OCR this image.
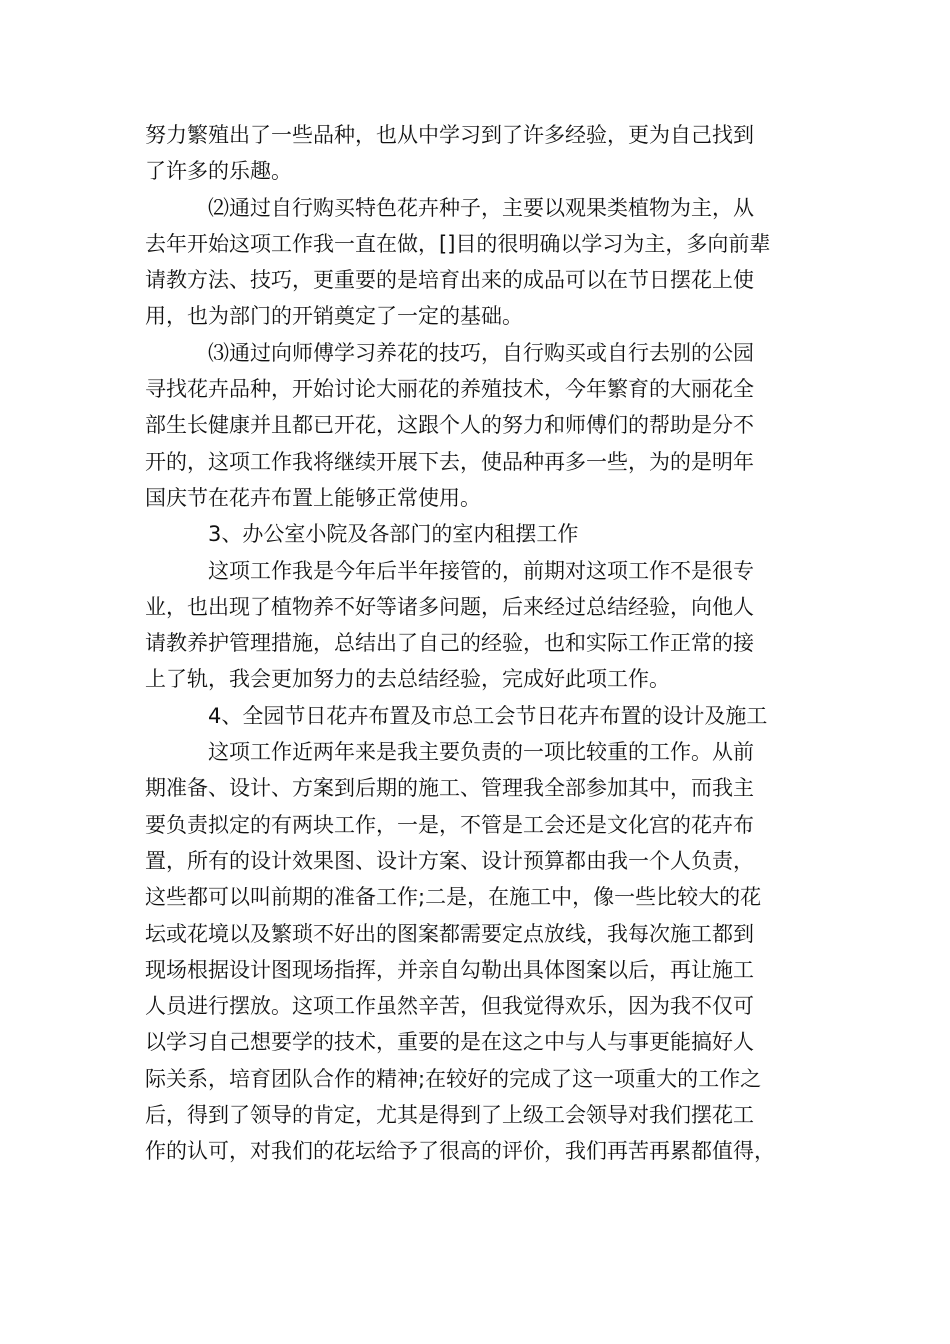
努力繁殖出了一些品种，也从中学习到了许多经验，更为自己找到
了许多的乐趣。
⑵通过自行购买特色花卉种子，主要以观果类植物为主，从
去年开始这项工作我一直在做，[]目的很明确以学习为主，多向前辈
请教方法、技巧，更重要的是培育出来的成品可以在节日摆花上使
用，也为部门的开销奠定了一定的基础。
⑶通过向师傅学习养花的技巧，自行购买或自行去别的公园
寻找花卉品种，开始讨论大丽花的养殖技术，今年繁育的大丽花全
部生长健康并且都已开花，这跟个人的努力和师傅们的帮助是分不
开的，这项工作我将继续开展下去，使品种再多一些，为的是明年
国庆节在花卉布置上能够正常使用。
3、办公室小院及各部门的室内租摆工作
这项工作我是今年后半年接管的，前期对这项工作不是很专
业，也出现了植物养不好等诸多问题，后来经过总结经验，向他人
请教养护管理措施，总结出了自己的经验，也和实际工作正常的接
上了轨，我会更加努力的去总结经验，完成好此项工作。
4、全园节日花卉布置及市总工会节日花卉布置的设计及施工
这项工作近两年来是我主要负责的一项比较重的工作。从前
期准备、设计、方案到后期的施工、管理我全部参加其中，而我主
要负责拟定的有两块工作，一是，不管是工会还是文化宫的花卉布
置，所有的设计效果图、设计方案、设计预算都由我一个人负责，
这些都可以叫前期的准备工作;二是，在施工中，像一些比较大的花
坛或花境以及繁琐不好出的图案都需要定点放线，我每次施工都到
现场根据设计图现场指挥，并亲自勾勒出具体图案以后，再让施工
人员进行摆放。这项工作虽然辛苦，但我觉得欢乐，因为我不仅可
以学习自己想要学的技术，重要的是在这之中与人与事更能搞好人
际关系，培育团队合作的精神;在较好的完成了这一项重大的工作之
后，得到了领导的肯定，尤其是得到了上级工会领导对我们摆花工
作的认可，对我们的花坛给予了很高的评价，我们再苦再累都值得，
